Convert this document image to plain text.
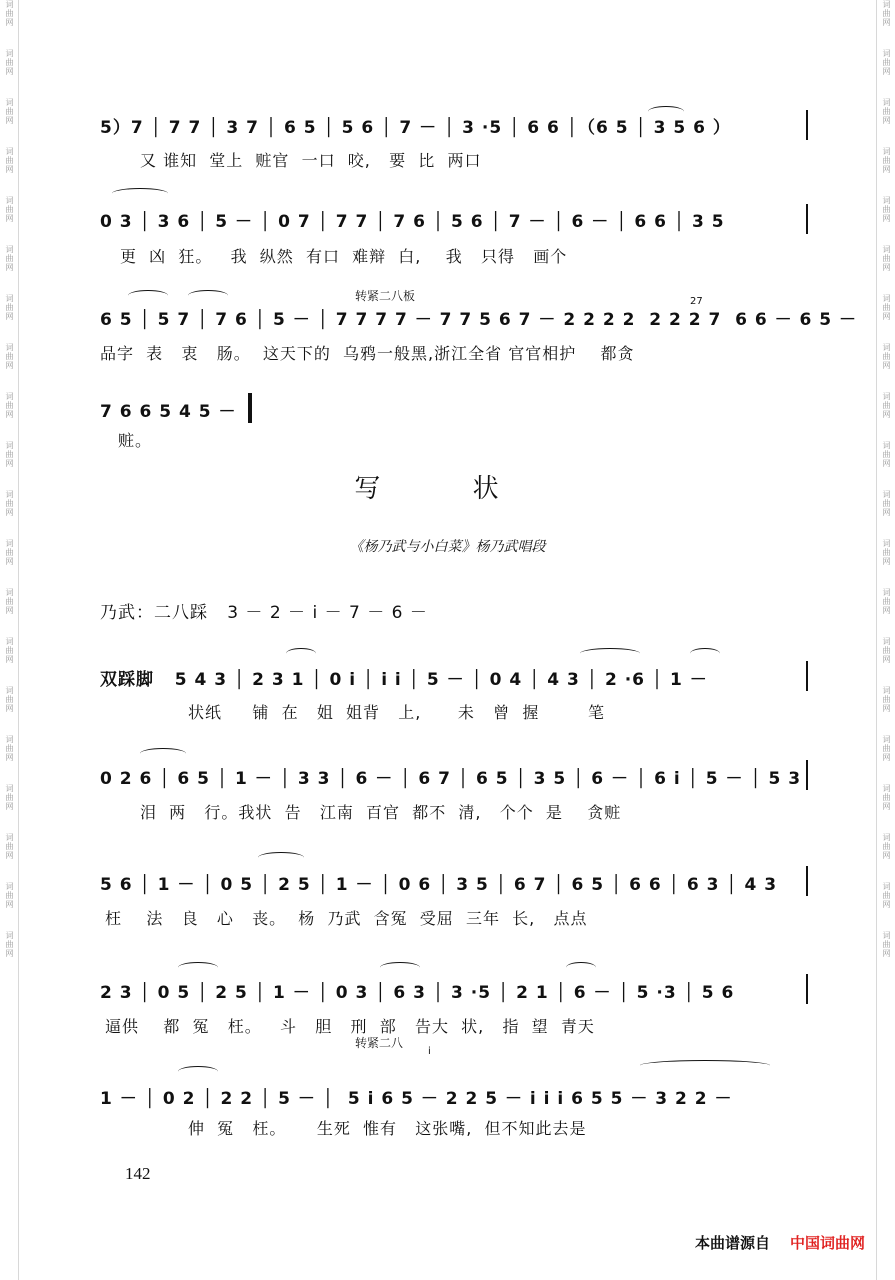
词曲网
词曲网
词曲网
词曲网
词曲网
词曲网
词曲网
词曲网
词曲网
词曲网
词曲网
词曲网
词曲网
词曲网
词曲网
词曲网
词曲网
词曲网
词曲网
词曲网
词曲网
词曲网
词曲网
词曲网
词曲网
词曲网
词曲网
词曲网
词曲网
词曲网
词曲网
词曲网
词曲网
词曲网
词曲网
词曲网
词曲网
词曲网
词曲网
词曲网
5）7 │ 7 7 │ 3 7 │ 6 5 │ 5 6 │ 7 － │ 3 ·5 │ 6 6 │（6 5 │ 3 5 6 ）
又 谁知  堂上  赃官  一口  咬,   要  比  两口
0 3 │ 3 6 │ 5 － │ 0 7 │ 7 7 │ 7 6 │ 5 6 │ 7 － │ 6 － │ 6 6 │ 3 5
更  凶  狂。   我  纵然  有口  难辩  白,    我   只得   画个
转紧二八板	27
6 5 │ 5 7 │ 7 6 │ 5 － │ 7 7 7 7 － 7 7 5 6 7 － 2 2 2 2  2 2 2 7  6 6 － 6 5 －
品字  表   衷   肠。  这天下的  乌鸦一般黑,浙江全省 官官相护    都贪
7 6 6 5 4 5 －
赃。
写 状
《杨乃武与小白菜》杨乃武唱段
乃武：二八踩   3 － 2 － i － 7 － 6 －
双踩脚   5 4 3 │ 2 3 1 │ 0 i │ i i │ 5 － │ 0 4 │ 4 3 │ 2 ·6 │ 1 －
状纸     铺  在   姐  姐背   上,      未   曾  握        笔
0 2 6 │ 6 5 │ 1 － │ 3 3 │ 6 － │ 6 7 │ 6 5 │ 3 5 │ 6 － │ 6 i │ 5 － │ 5 3
泪  两   行。我状  告   江南  百官  都不  清,   个个  是    贪赃
5 6 │ 1 － │ 0 5 │ 2 5 │ 1 － │ 0 6 │ 3 5 │ 6 7 │ 6 5 │ 6 6 │ 6 3 │ 4 3
枉    法   良   心   丧。  杨  乃武  含冤  受屈  三年  长,   点点
2 3 │ 0 5 │ 2 5 │ 1 － │ 0 3 │ 6 3 │ 3 ·5 │ 2 1 │ 6 － │ 5 ·3 │ 5 6
逼供    都  冤   枉。   斗   胆   刑  部   告大  状,   指  望  青天
转紧二八
i
1 － │ 0 2 │ 2 2 │ 5 － │  5 i 6 5 － 2 2 5 － i i i 6 5 5 － 3 2 2 －
伸  冤   枉。     生死  惟有   这张嘴,  但不知此去是
142
本曲谱源自 中国词曲网
